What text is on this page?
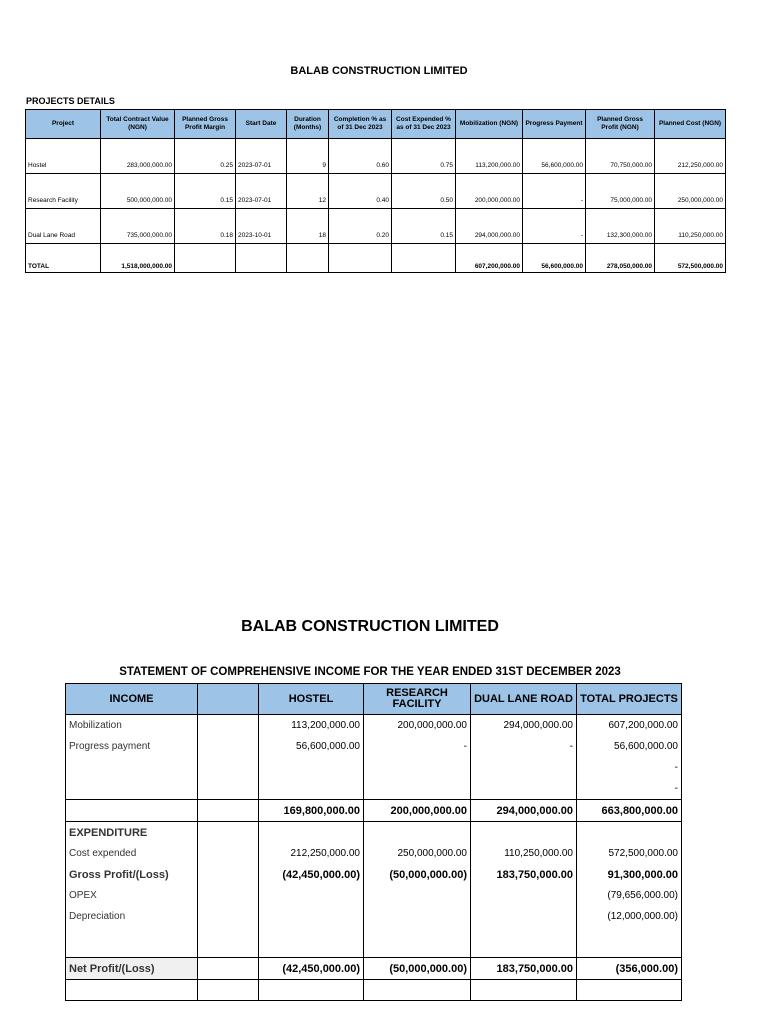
BALAB CONSTRUCTION LIMITED
PROJECTS DETAILS
Project	Total Contract Value (NGN)	Planned Gross Profit Margin	Start Date	Duration (Months)	Completion % as of 31 Dec 2023	Cost Expended % as of 31 Dec 2023	Mobilization (NGN)	Progress Payment	Planned Gross Profit (NGN)	Planned Cost (NGN)
Hostel	283,000,000.00	0.25	2023-07-01	9	0.60	0.75	113,200,000.00	56,600,000.00	70,750,000.00	212,250,000.00
Research Facility	500,000,000.00	0.15	2023-07-01	12	0.40	0.50	200,000,000.00	-	75,000,000.00	250,000,000.00
Dual Lane Road	735,000,000.00	0.18	2023-10-01	18	0.20	0.15	294,000,000.00	-	132,300,000.00	110,250,000.00
TOTAL	1,518,000,000.00						607,200,000.00	56,600,000.00	278,050,000.00	572,500,000.00
BALAB CONSTRUCTION LIMITED
STATEMENT OF COMPREHENSIVE INCOME FOR THE YEAR ENDED 31ST DECEMBER 2023
INCOME		HOSTEL	RESEARCH FACILITY	DUAL LANE ROAD	TOTAL PROJECTS
Mobilization		113,200,000.00	200,000,000.00	294,000,000.00	607,200,000.00
Progress payment		56,600,000.00	-	-	56,600,000.00
					-
					-
		169,800,000.00	200,000,000.00	294,000,000.00	663,800,000.00
EXPENDITURE					
Cost expended		212,250,000.00	250,000,000.00	110,250,000.00	572,500,000.00
Gross Profit/(Loss)		(42,450,000.00)	(50,000,000.00)	183,750,000.00	91,300,000.00
OPEX					(79,656,000.00)
Depreciation					(12,000,000.00)

Net Profit/(Loss)		(42,450,000.00)	(50,000,000.00)	183,750,000.00	(356,000.00)
